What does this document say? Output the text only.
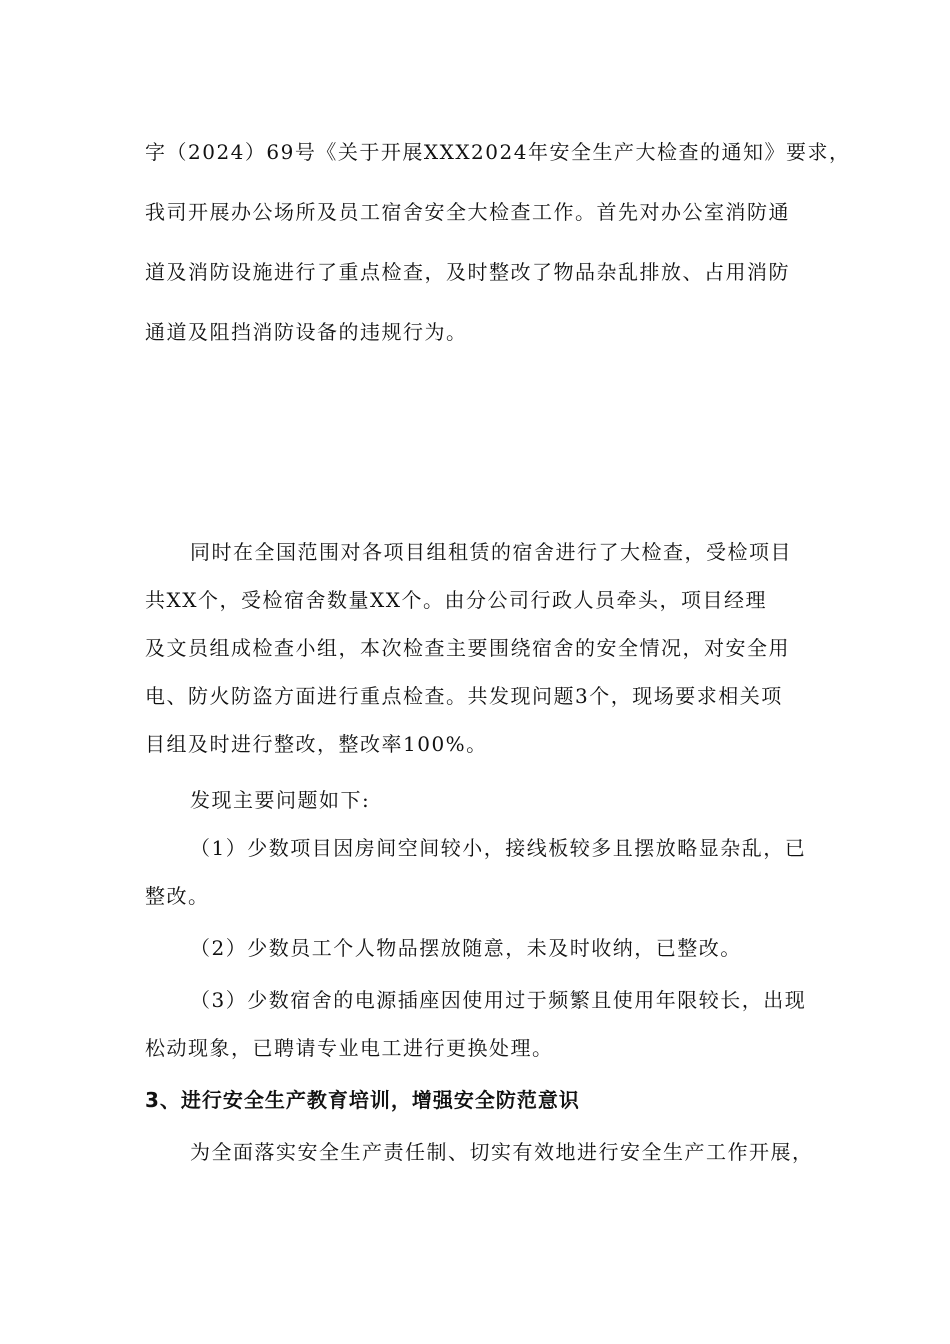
字（2024）69号《关于开展XXX2024年安全生产大检查的通知》要求，
我司开展办公场所及员工宿舍安全大检查工作。首先对办公室消防通
道及消防设施进行了重点检查，及时整改了物品杂乱排放、占用消防
通道及阻挡消防设备的违规行为。
同时在全国范围对各项目组租赁的宿舍进行了大检查，受检项目
共XX个，受检宿舍数量XX个。由分公司行政人员牵头，项目经理
及文员组成检查小组，本次检查主要围绕宿舍的安全情况，对安全用
电、防火防盗方面进行重点检查。共发现问题3个，现场要求相关项
目组及时进行整改，整改率100%。
发现主要问题如下:
（1）少数项目因房间空间较小，接线板较多且摆放略显杂乱，已
整改。
（2）少数员工个人物品摆放随意，未及时收纳，已整改。
（3）少数宿舍的电源插座因使用过于频繁且使用年限较长，出现
松动现象，已聘请专业电工进行更换处理。
3、进行安全生产教育培训，增强安全防范意识
为全面落实安全生产责任制、切实有效地进行安全生产工作开展，
